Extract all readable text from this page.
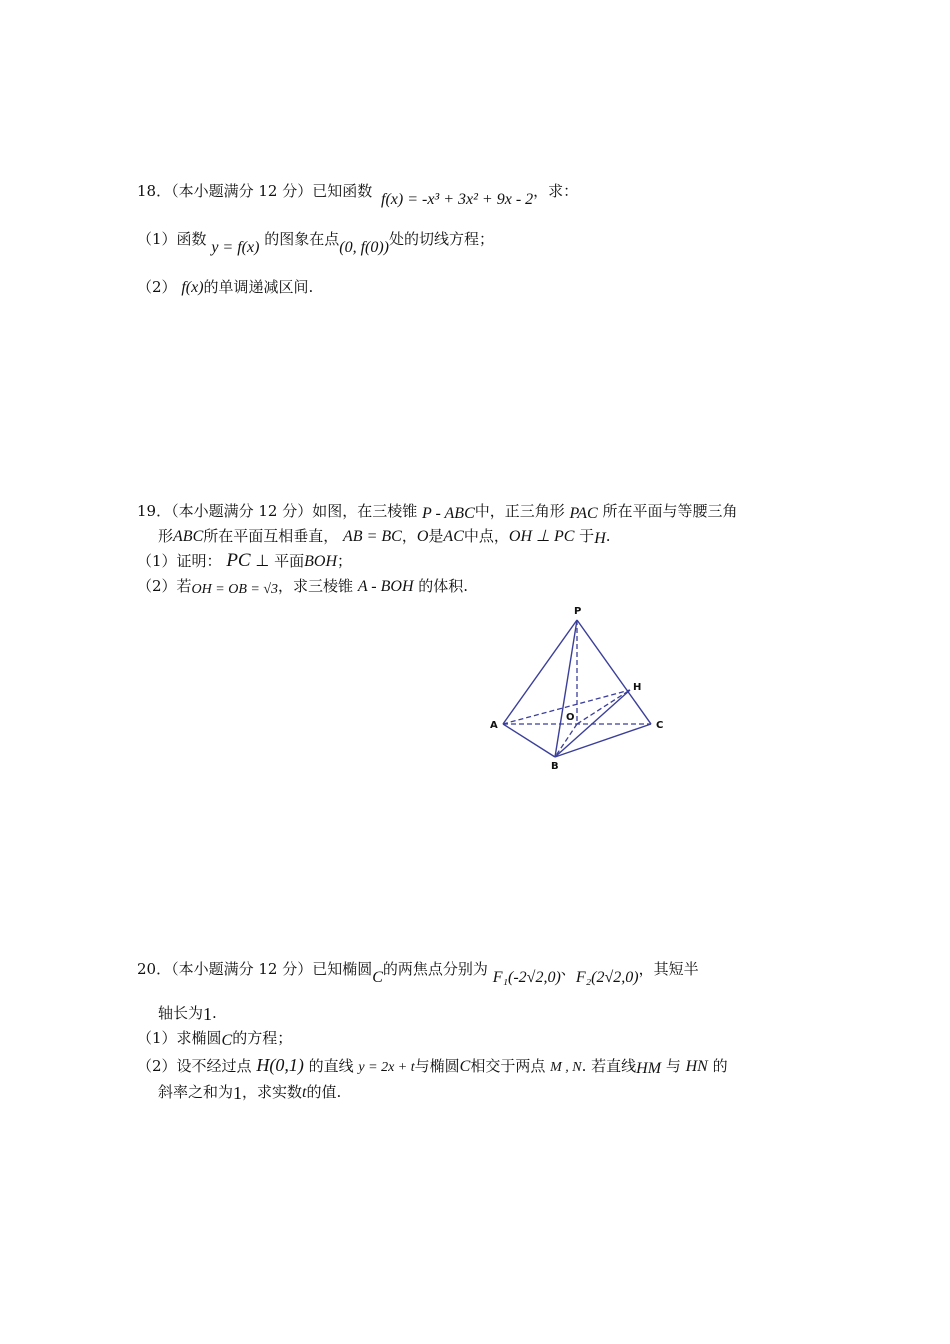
18．（本小题满分 12 分）已知函数 f(x) = -x³ + 3x² + 9x - 2，求：
（1）函数 y = f(x) 的图象在点(0, f(0))处的切线方程；
（2） f(x)的单调递减区间.
19．（本小题满分 12 分）如图，在三棱锥 P - ABC中，正三角形 PAC 所在平面与等腰三角
形ABC所在平面互相垂直， AB = BC，O是AC中点，OH ⊥ PC 于H.
（1）证明： PC ⊥ 平面BOH；
（2）若OH = OB = √3，求三棱锥 A - BOH 的体积.
P
H
A
O
C
B
20．（本小题满分 12 分）已知椭圆C的两焦点分别为 F₁(-2√2,0)、F₂(2√2,0)，其短半
轴长为1.
（1）求椭圆C的方程；
（2）设不经过点 H(0,1) 的直线 y = 2x + t与椭圆C相交于两点 M , N. 若直线HM 与 HN 的
斜率之和为1，求实数t的值.
